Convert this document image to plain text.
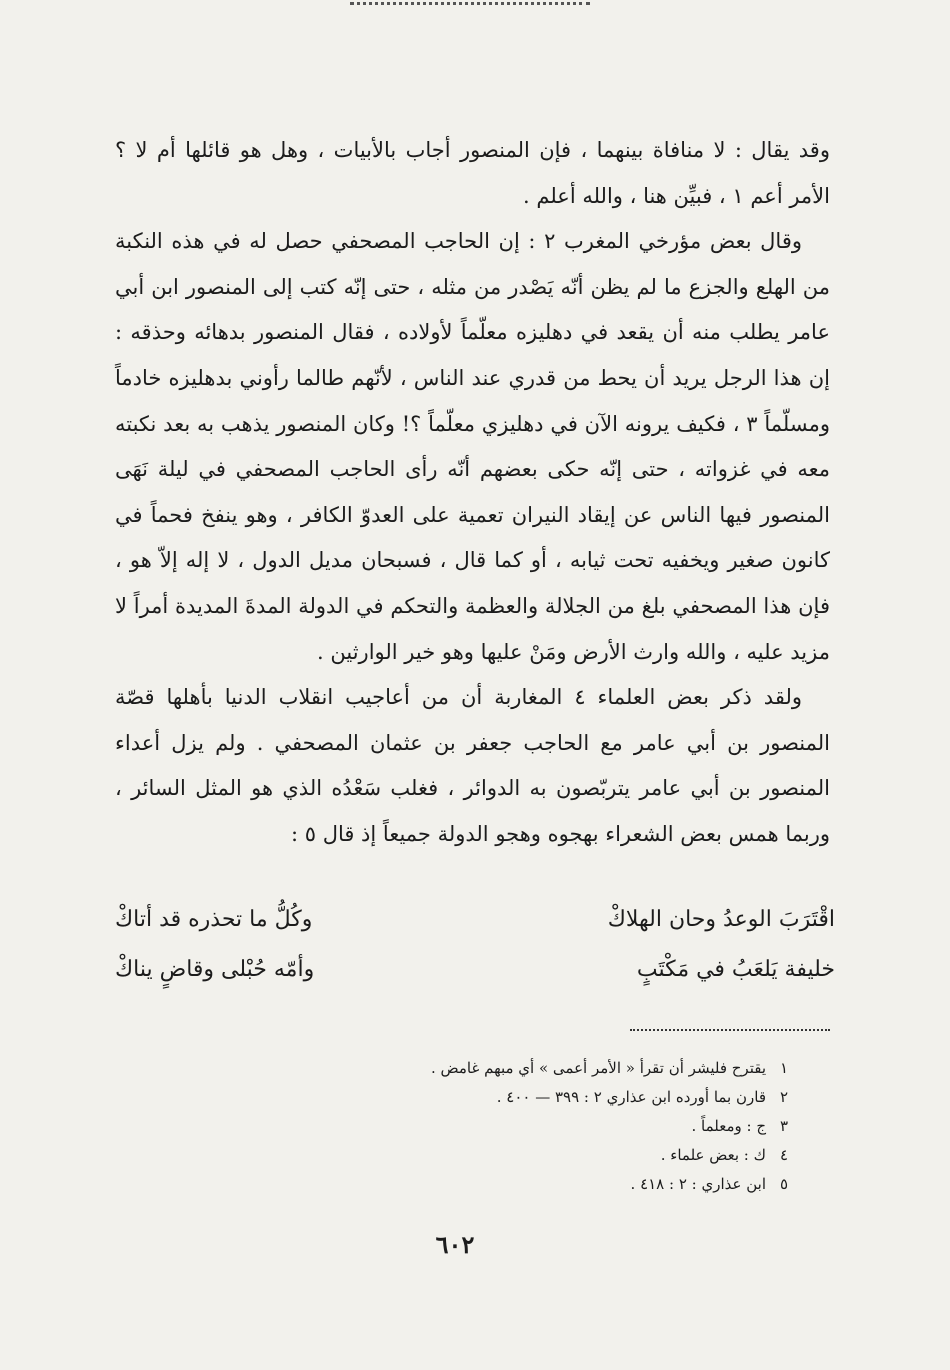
وقد يقال : لا منافاة بينهما ، فإن المنصور أجاب بالأبيات ، وهل هو قائلها أم لا ؟ الأمر أعم ١ ، فبيِّن هنا ، والله أعلم .

وقال بعض مؤرخي المغرب ٢ : إن الحاجب المصحفي حصل له في هذه النكبة من الهلع والجزع ما لم يظن أنّه يَصْدر من مثله ، حتى إنّه كتب إلى المنصور ابن أبي عامر يطلب منه أن يقعد في دهليزه معلّماً لأولاده ، فقال المنصور بدهائه وحذقه : إن هذا الرجل يريد أن يحط من قدري عند الناس ، لأنّهم طالما رأوني بدهليزه خادماً ومسلّماً ٣ ، فكيف يرونه الآن في دهليزي معلّماً ؟! وكان المنصور يذهب به بعد نكبته معه في غزواته ، حتى إنّه حكى بعضهم أنّه رأى الحاجب المصحفي في ليلة نَهَى المنصور فيها الناس عن إيقاد النيران تعمية على العدوّ الكافر ، وهو ينفخ فحماً في كانون صغير ويخفيه تحت ثيابه ، أو كما قال ، فسبحان مديل الدول ، لا إله إلاّ هو ، فإن هذا المصحفي بلغ من الجلالة والعظمة والتحكم في الدولة المدةَ المديدة أمراً لا مزيد عليه ، والله وارث الأرض ومَنْ عليها وهو خير الوارثين .

ولقد ذكر بعض العلماء ٤ المغاربة أن من أعاجيب انقلاب الدنيا بأهلها قصّة المنصور بن أبي عامر مع الحاجب جعفر بن عثمان المصحفي . ولم يزل أعداء المنصور بن أبي عامر يتربّصون به الدوائر ، فغلب سَعْدُه الذي هو المثل السائر ، وربما همس بعض الشعراء بهجوه وهجو الدولة جميعاً إذ قال ٥ :

اقْتَرَبَ الوعدُ وحان الهلاكْ
وكُلُّ ما تحذره قد أتاكْ
خليفة يَلعَبُ في مَكْتَبٍ
وأمّه حُبْلى وقاضٍ يناكْ
١
يقترح فليشر أن تقرأ « الأمر أعمى » أي مبهم غامض .
٢
قارن بما أورده ابن عذاري ٢ : ٣٩٩ — ٤٠٠ .
٣
ج : ومعلماً .
٤
ك : بعض علماء .
٥
ابن عذاري : ٢ : ٤١٨ .
٦٠٢
